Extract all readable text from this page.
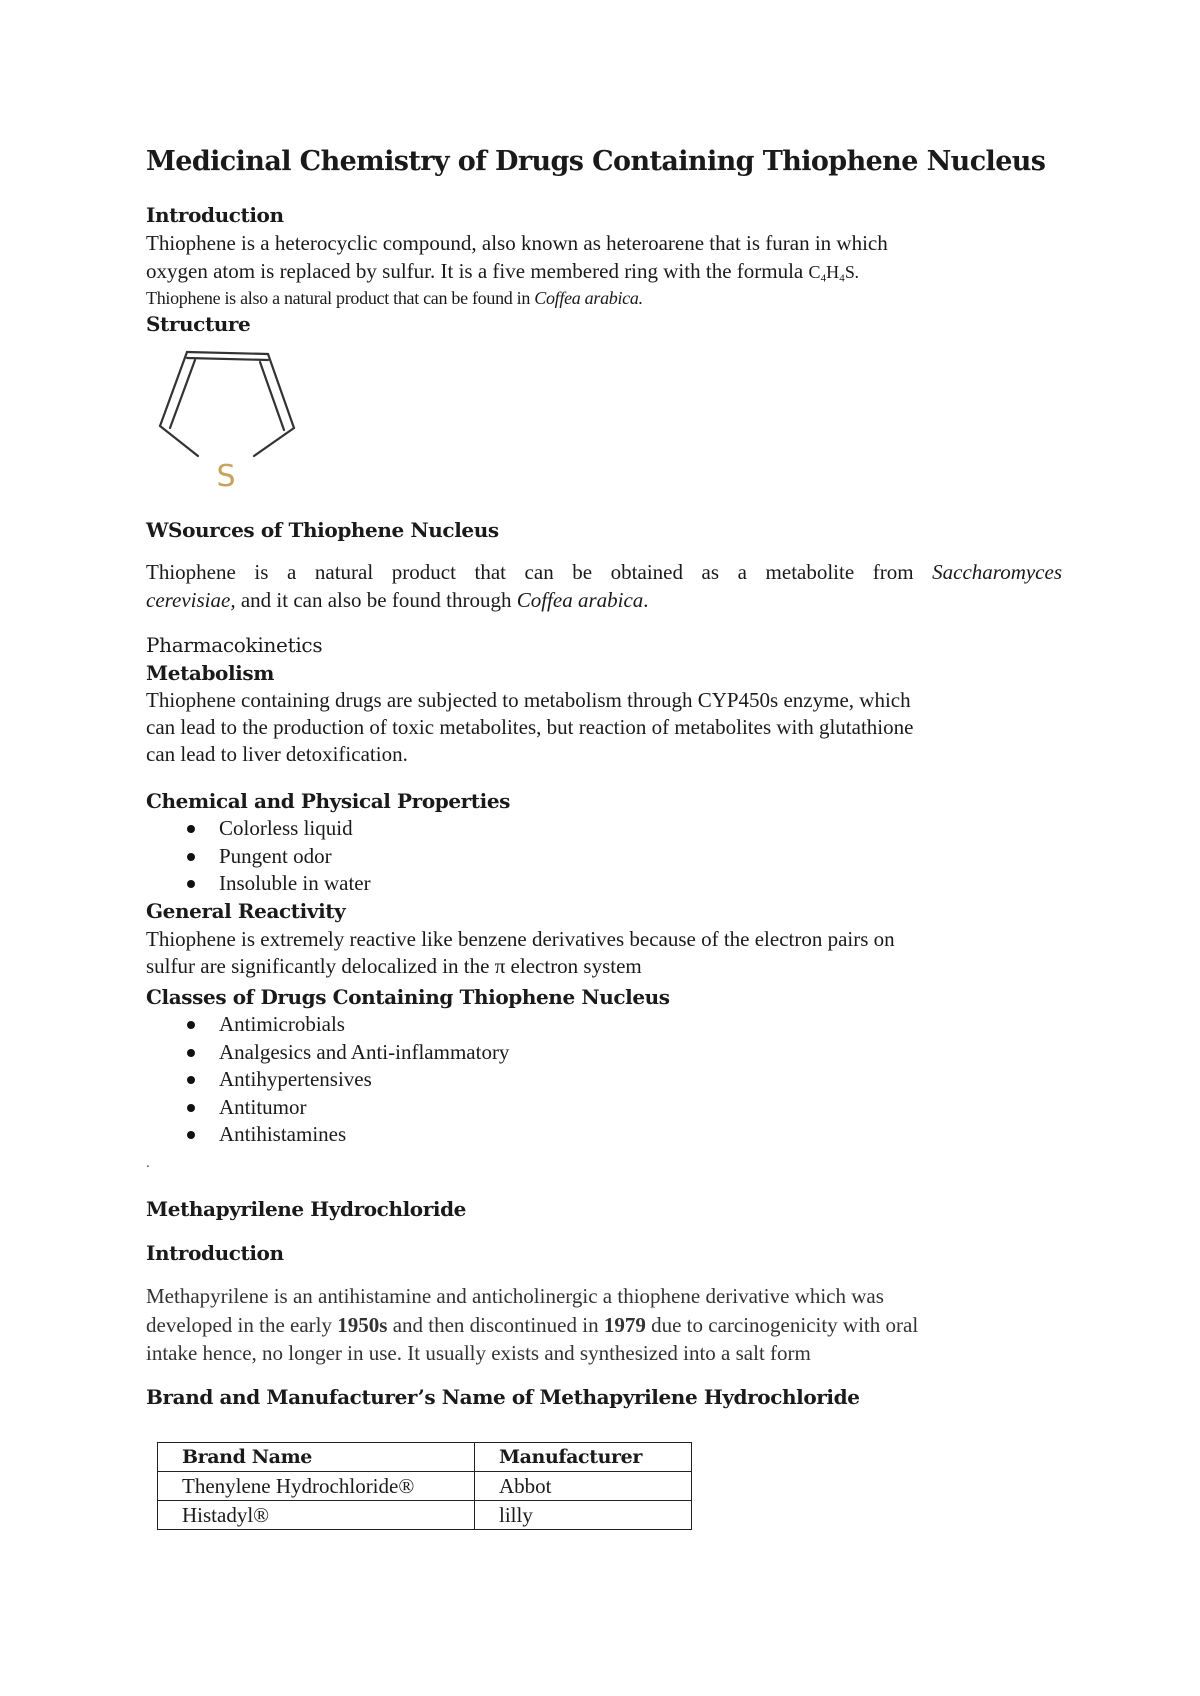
Medicinal Chemistry of Drugs Containing Thiophene Nucleus
Introduction
Thiophene is a heterocyclic compound, also known as heteroarene that is furan in which
oxygen atom is replaced by sulfur. It is a five membered ring with the formula C₄H₄S.
Thiophene is also a natural product that can be found in Coffea arabica.
Structure
S
WSources of Thiophene Nucleus
Thiophene is a natural product that can be obtained as a metabolite from Saccharomyces
cerevisiae, and it can also be found through Coffea arabica.
Pharmacokinetics
Metabolism
Thiophene containing drugs are subjected to metabolism through CYP450s enzyme, which
can lead to the production of toxic metabolites, but reaction of metabolites with glutathione
can lead to liver detoxification.
Chemical and Physical Properties
Colorless liquid
Pungent odor
Insoluble in water
General Reactivity
Thiophene is extremely reactive like benzene derivatives because of the electron pairs on
sulfur are significantly delocalized in the π electron system
Classes of Drugs Containing Thiophene Nucleus
Antimicrobials
Analgesics and Anti-inflammatory
Antihypertensives
Antitumor
Antihistamines
.
Methapyrilene Hydrochloride
Introduction
Methapyrilene is an antihistamine and anticholinergic a thiophene derivative which was
developed in the early 1950s and then discontinued in 1979 due to carcinogenicity with oral
intake hence, no longer in use. It usually exists and synthesized into a salt form
Brand and Manufacturer’s Name of Methapyrilene Hydrochloride
Brand Name	Manufacturer
Thenylene Hydrochloride®	Abbot
Histadyl®	lilly
